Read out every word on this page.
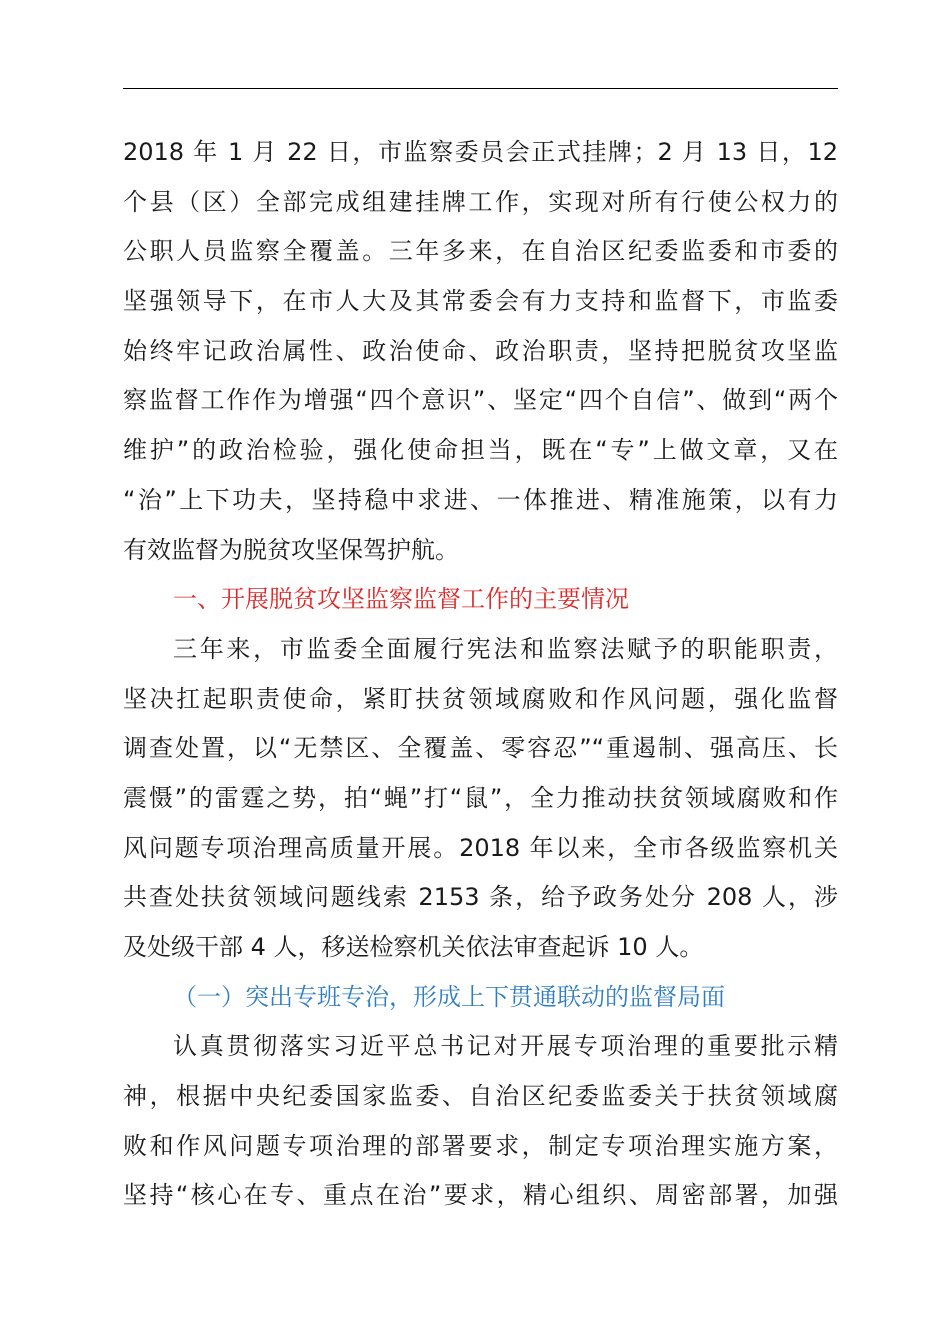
2018 年 1 月 22 日，市监察委员会正式挂牌；2 月 13 日，12
个县（区）全部完成组建挂牌工作，实现对所有行使公权力的
公职人员监察全覆盖。三年多来，在自治区纪委监委和市委的
坚强领导下，在市人大及其常委会有力支持和监督下，市监委
始终牢记政治属性、政治使命、政治职责，坚持把脱贫攻坚监
察监督工作作为增强“四个意识”、坚定“四个自信”、做到“两个
维护”的政治检验，强化使命担当，既在“专”上做文章，又在
“治”上下功夫，坚持稳中求进、一体推进、精准施策，以有力
有效监督为脱贫攻坚保驾护航。
一、开展脱贫攻坚监察监督工作的主要情况
三年来，市监委全面履行宪法和监察法赋予的职能职责，
坚决扛起职责使命，紧盯扶贫领域腐败和作风问题，强化监督
调查处置，以“无禁区、全覆盖、零容忍”“重遏制、强高压、长
震慑”的雷霆之势，拍“蝇”打“鼠”，全力推动扶贫领域腐败和作
风问题专项治理高质量开展。2018 年以来，全市各级监察机关
共查处扶贫领域问题线索 2153 条，给予政务处分 208 人，涉
及处级干部 4 人，移送检察机关依法审查起诉 10 人。
（一）突出专班专治，形成上下贯通联动的监督局面
认真贯彻落实习近平总书记对开展专项治理的重要批示精
神，根据中央纪委国家监委、自治区纪委监委关于扶贫领域腐
败和作风问题专项治理的部署要求，制定专项治理实施方案，
坚持“核心在专、重点在治”要求，精心组织、周密部署，加强
